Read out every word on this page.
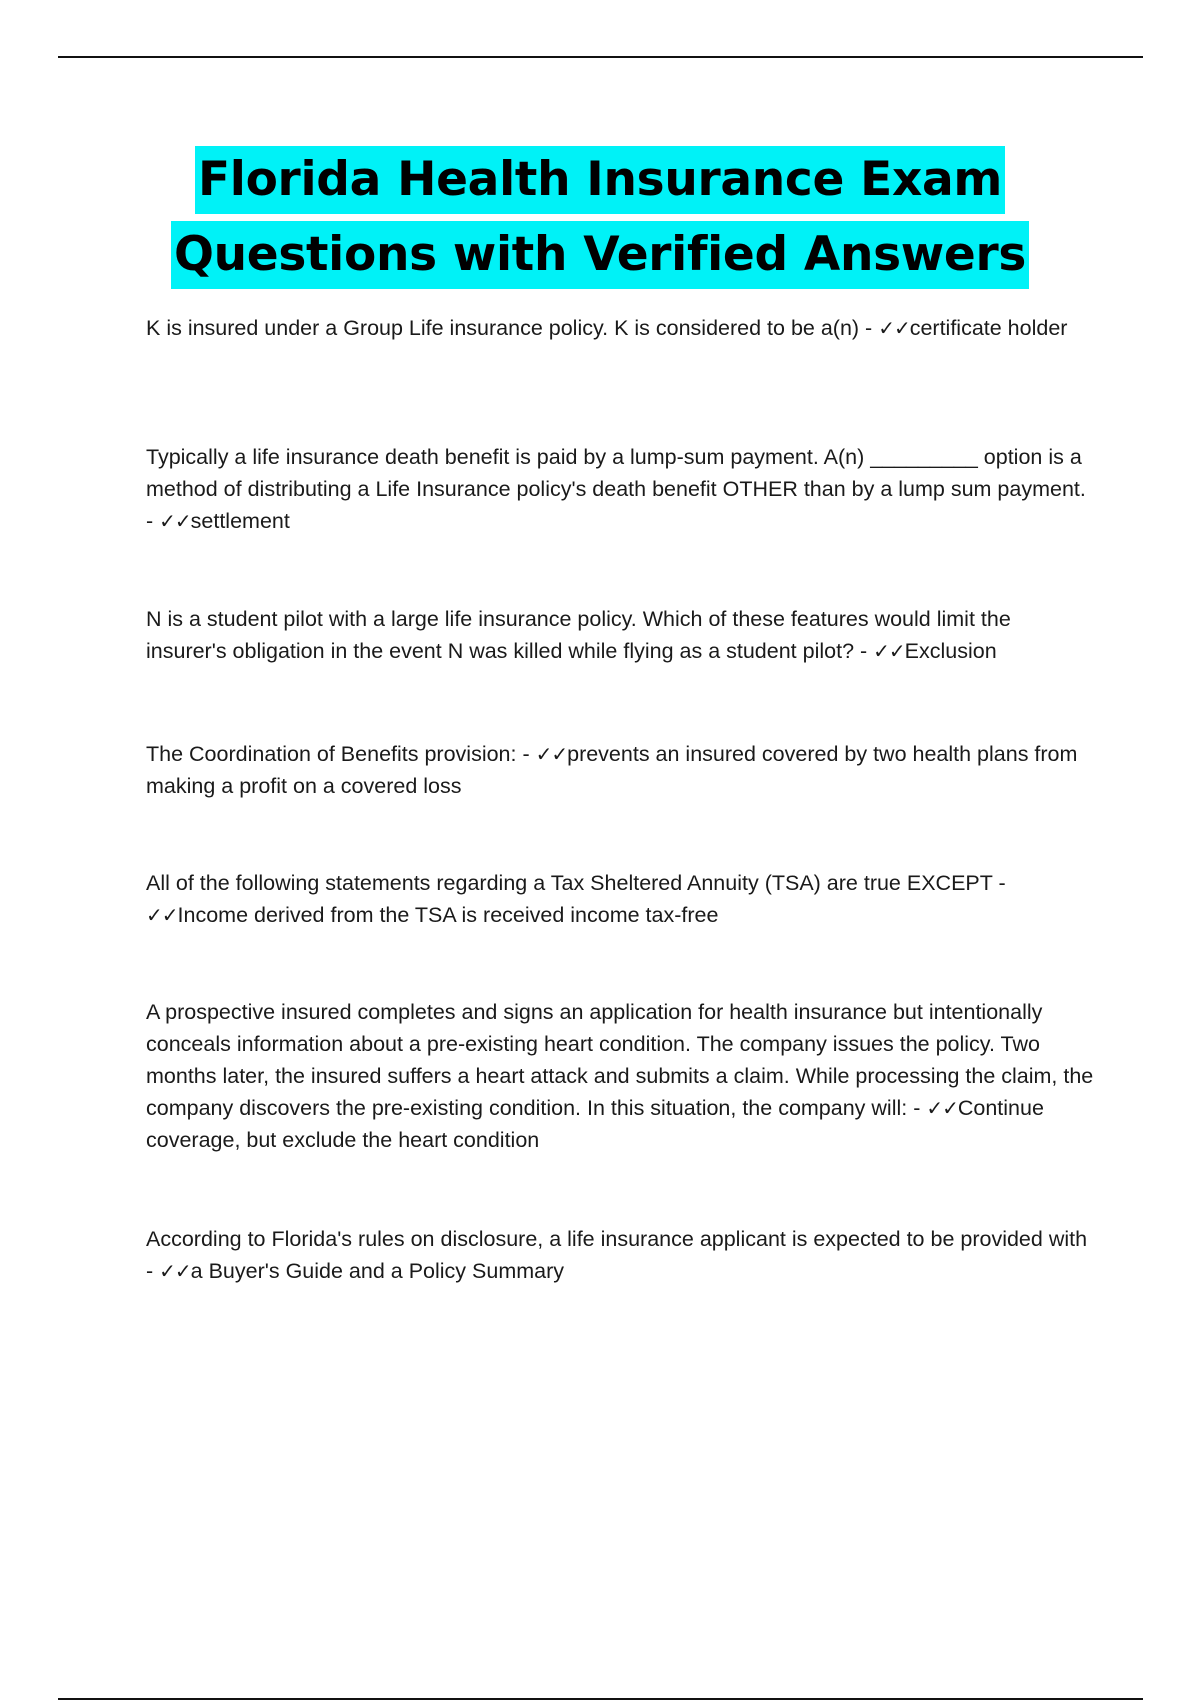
Florida Health Insurance Exam
Questions with Verified Answers
K is insured under a Group Life insurance policy. K is considered to be a(n) - ✓✓certificate holder
Typically a life insurance death benefit is paid by a lump-sum payment. A(n) _________ option is a method of distributing a Life Insurance policy's death benefit OTHER than by a lump sum payment. - ✓✓settlement
N is a student pilot with a large life insurance policy. Which of these features would limit the insurer's obligation in the event N was killed while flying as a student pilot? - ✓✓Exclusion
The Coordination of Benefits provision: - ✓✓prevents an insured covered by two health plans from making a profit on a covered loss
All of the following statements regarding a Tax Sheltered Annuity (TSA) are true EXCEPT - ✓✓Income derived from the TSA is received income tax-free
A prospective insured completes and signs an application for health insurance but intentionally conceals information about a pre-existing heart condition. The company issues the policy. Two months later, the insured suffers a heart attack and submits a claim. While processing the claim, the company discovers the pre-existing condition. In this situation, the company will: - ✓✓Continue coverage, but exclude the heart condition
According to Florida's rules on disclosure, a life insurance applicant is expected to be provided with - ✓✓a Buyer's Guide and a Policy Summary
